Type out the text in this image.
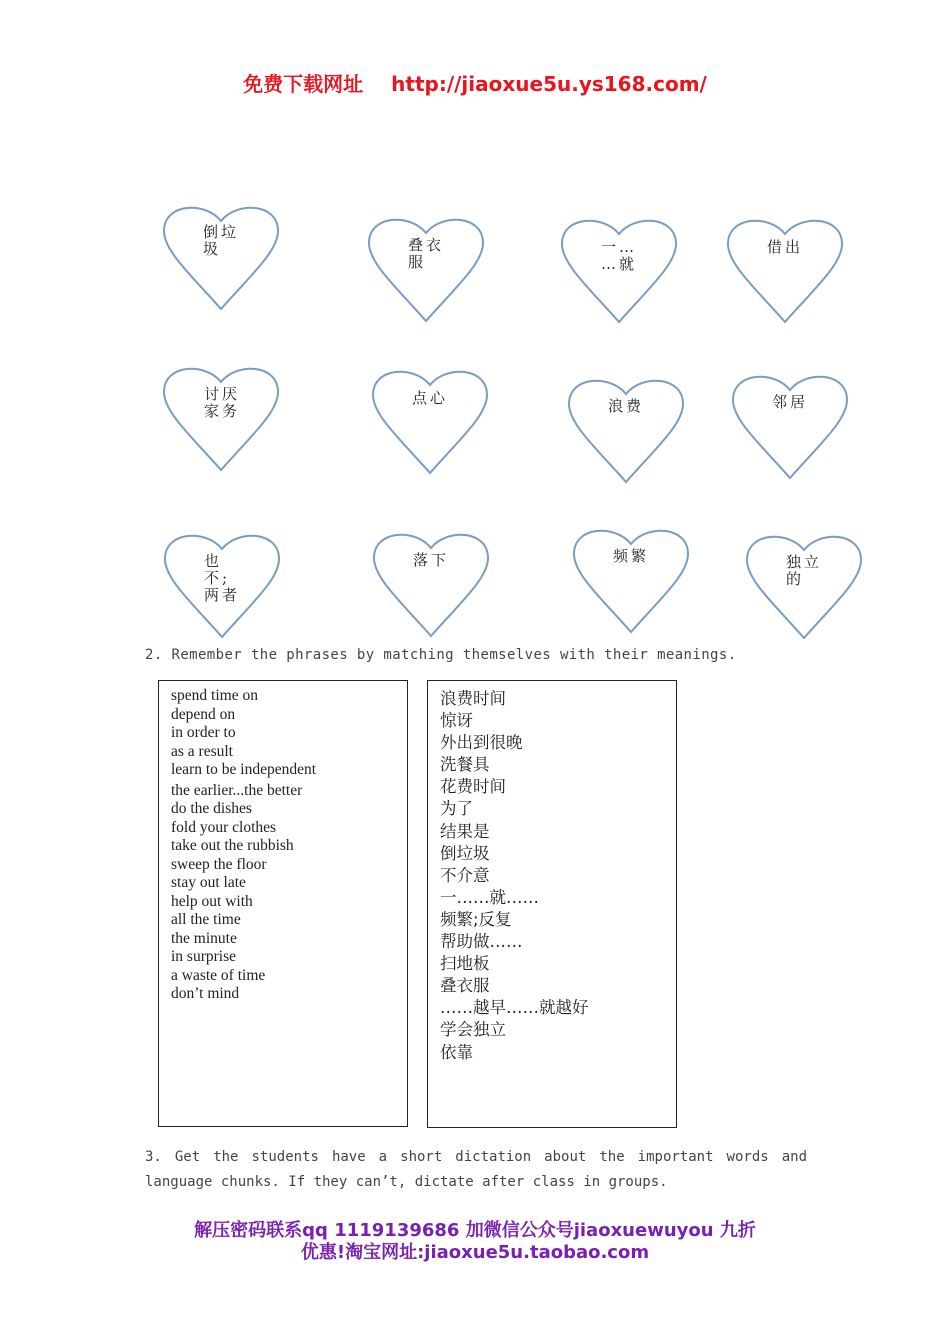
免费下载网址 http://jiaoxue5u.ys168.com/
倒垃
圾	叠衣
服
一…
…就
借出
讨厌
家务
点心	浪费	邻居
也
不;
两者
落下	频繁	独立
的
2. Remember the phrases by matching themselves with their meanings.
spend time on
depend on
in order to
as a result
learn to be independent
the earlier...the better
do the dishes
fold your clothes
take out the rubbish
sweep the floor
stay out late
help out with
all the time
the minute
in surprise
a waste of time
don’t mind
浪费时间
惊讶
外出到很晚
洗餐具
花费时间
为了
结果是
倒垃圾
不介意
一……就……
频繁;反复
帮助做……
扫地板
叠衣服
……越早……就越好
学会独立
依靠
3. Get the students have a short dictation about the important words and language chunks. If they can’t, dictate after class in groups.
解压密码联系qq 1119139686 加微信公众号jiaoxuewuyou 九折
优惠!淘宝网址:jiaoxue5u.taobao.com
